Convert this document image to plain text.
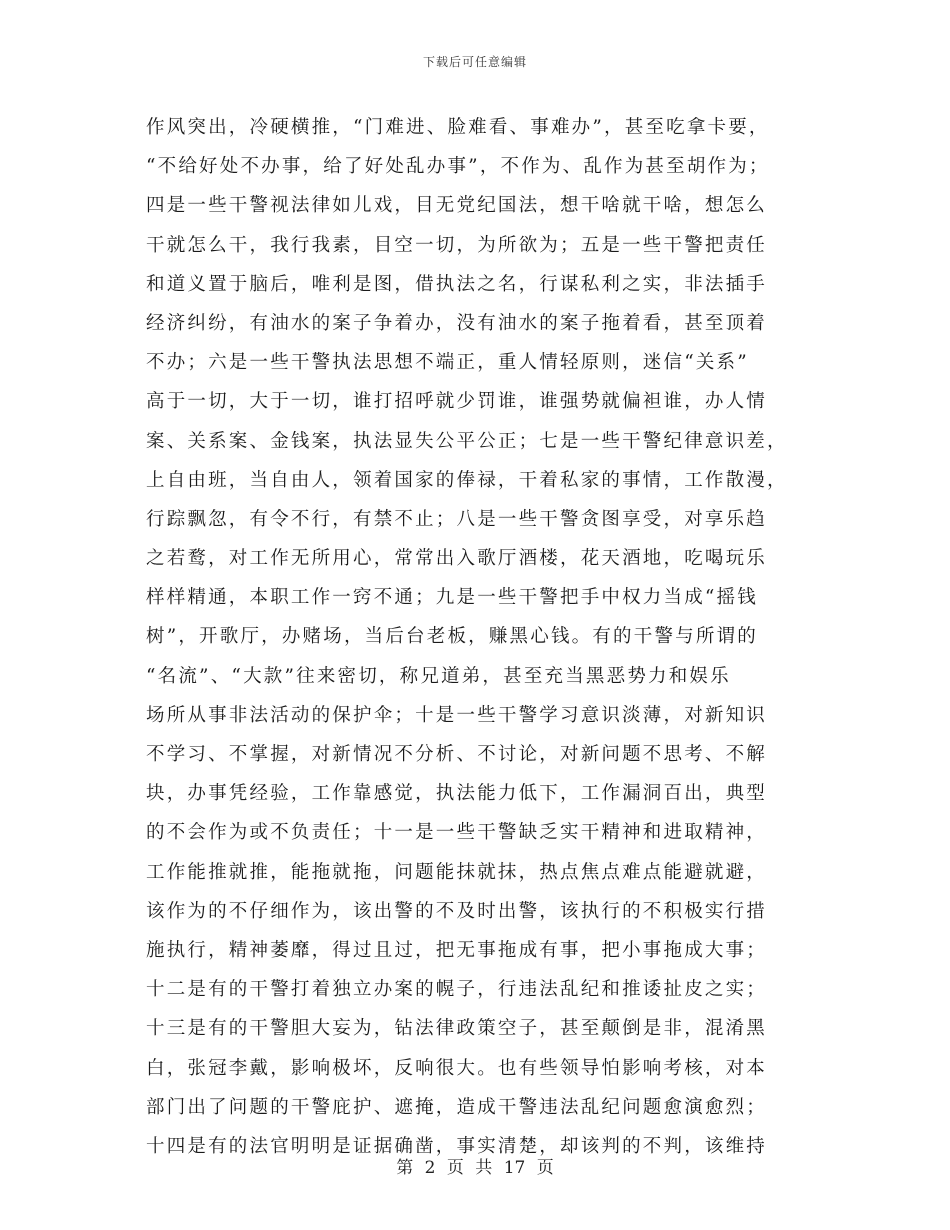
下载后可任意编辑
作风突出，冷硬横推，“门难进、脸难看、事难办”，甚至吃拿卡要，
“不给好处不办事，给了好处乱办事”，不作为、乱作为甚至胡作为；
四是一些干警视法律如儿戏，目无党纪国法，想干啥就干啥，想怎么
干就怎么干，我行我素，目空一切，为所欲为；五是一些干警把责任
和道义置于脑后，唯利是图，借执法之名，行谋私利之实，非法插手
经济纠纷，有油水的案子争着办，没有油水的案子拖着看，甚至顶着
不办；六是一些干警执法思想不端正，重人情轻原则，迷信“关系”
高于一切，大于一切，谁打招呼就少罚谁，谁强势就偏袒谁，办人情
案、关系案、金钱案，执法显失公平公正；七是一些干警纪律意识差，
上自由班，当自由人，领着国家的俸禄，干着私家的事情，工作散漫，
行踪飘忽，有令不行，有禁不止；八是一些干警贪图享受，对享乐趋
之若鹜，对工作无所用心，常常出入歌厅酒楼，花天酒地，吃喝玩乐
样样精通，本职工作一窍不通；九是一些干警把手中权力当成“摇钱
树”，开歌厅，办赌场，当后台老板，赚黑心钱。有的干警与所谓的
“名流”、“大款”往来密切，称兄道弟，甚至充当黑恶势力和娱乐
场所从事非法活动的保护伞；十是一些干警学习意识淡薄，对新知识
不学习、不掌握，对新情况不分析、不讨论，对新问题不思考、不解
块，办事凭经验，工作靠感觉，执法能力低下，工作漏洞百出，典型
的不会作为或不负责任；十一是一些干警缺乏实干精神和进取精神，
工作能推就推，能拖就拖，问题能抹就抹，热点焦点难点能避就避，
该作为的不仔细作为，该出警的不及时出警，该执行的不积极实行措
施执行，精神萎靡，得过且过，把无事拖成有事，把小事拖成大事；
十二是有的干警打着独立办案的幌子，行违法乱纪和推诿扯皮之实；
十三是有的干警胆大妄为，钻法律政策空子，甚至颠倒是非，混淆黑
白，张冠李戴，影响极坏，反响很大。也有些领导怕影响考核，对本
部门出了问题的干警庇护、遮掩，造成干警违法乱纪问题愈演愈烈；
十四是有的法官明明是证据确凿，事实清楚，却该判的不判，该维持
第 2 页 共 17 页
